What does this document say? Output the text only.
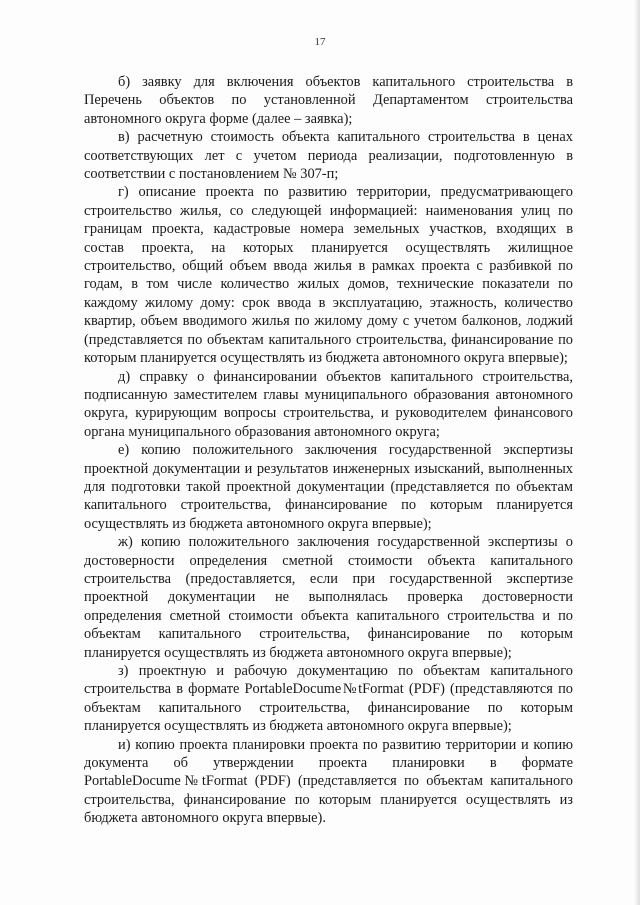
17

б) заявку для включения объектов капитального строительства в Перечень объектов по установленной Департаментом строительства автономного округа форме (далее – заявка);

в) расчетную стоимость объекта капитального строительства в ценах соответствующих лет с учетом периода реализации, подготовленную в соответствии с постановлением № 307-п;

г) описание проекта по развитию территории, предусматривающего строительство жилья, со следующей информацией: наименования улиц по границам проекта, кадастровые номера земельных участков, входящих в состав проекта, на которых планируется осуществлять жилищное строительство, общий объем ввода жилья в рамках проекта с разбивкой по годам, в том числе количество жилых домов, технические показатели по каждому жилому дому: срок ввода в эксплуатацию, этажность, количество квартир, объем вводимого жилья по жилому дому с учетом балконов, лоджий (представляется по объектам капитального строительства, финансирование по которым планируется осуществлять из бюджета автономного округа впервые);

д) справку о финансировании объектов капитального строительства, подписанную заместителем главы муниципального образования автономного округа, курирующим вопросы строительства, и руководителем финансового органа муниципального образования автономного округа;

е) копию положительного заключения государственной экспертизы проектной документации и результатов инженерных изысканий, выполненных для подготовки такой проектной документации (представляется по объектам капитального строительства, финансирование по которым планируется осуществлять из бюджета автономного округа впервые);

ж) копию положительного заключения государственной экспертизы о достоверности определения сметной стоимости объекта капитального строительства (предоставляется, если при государственной экспертизе проектной документации не выполнялась проверка достоверности определения сметной стоимости объекта капитального строительства и по объектам капитального строительства, финансирование по которым планируется осуществлять из бюджета автономного округа впервые);

з) проектную и рабочую документацию по объектам капитального строительства в формате PortableDocume№tFormat (PDF) (представляются по объектам капитального строительства, финансирование по которым планируется осуществлять из бюджета автономного округа впервые);

и) копию проекта планировки проекта по развитию территории и копию документа об утверждении проекта планировки в формате PortableDocume№tFormat (PDF) (представляется по объектам капитального строительства, финансирование по которым планируется осуществлять из бюджета автономного округа впервые).
